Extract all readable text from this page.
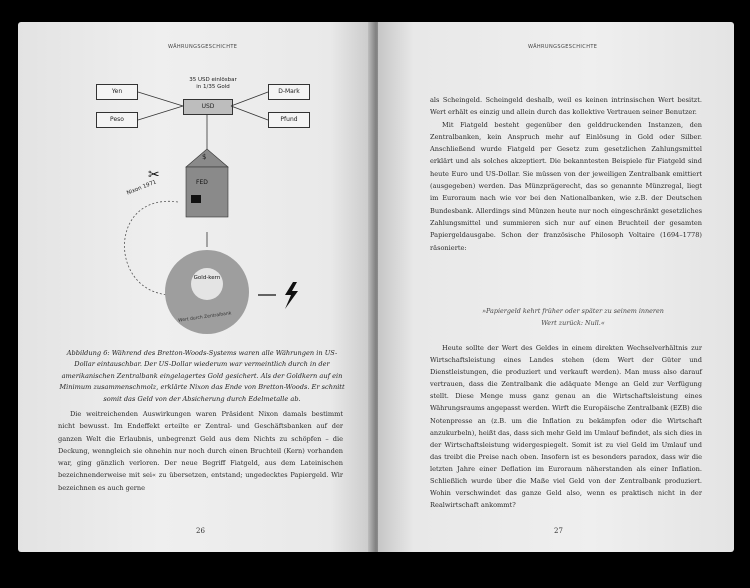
WÄHRUNGSGESCHICHTE
35 USD einlösbar
in 1/35 Gold
USD
Yen
Peso
D-Mark
Pfund
$
FED
✂
Nixon 1971
Gold-kern
Wert durch Zentralbank
Abbildung 6: Während des Bretton-Woods-Systems waren alle Währungen in US-Dollar eintauschbar. Der US-Dollar wiederum war vermeintlich durch in der amerikanischen Zentralbank eingelagertes Gold gesichert. Als der Goldkern auf ein Minimum zusammenschmolz, erklärte Nixon das Ende von Bretton-Woods. Er schnitt somit das Geld von der Absicherung durch Edelmetalle ab.

Die weitreichenden Auswirkungen waren Präsident Nixon damals bestimmt nicht bewusst. Im Endeffekt erteilte er Zentral- und Geschäftsbanken auf der ganzen Welt die Erlaubnis, unbegrenzt Geld aus dem Nichts zu schöpfen – die Deckung, wenngleich sie ohnehin nur noch durch einen Bruchteil (Kern) vorhanden war, ging gänzlich verloren. Der neue Begriff Fiatgeld, aus dem Lateinischen bezeichnenderweise mit sei« zu übersetzen, entstand; ungedecktes Papiergeld. Wir bezeichnen es auch gerne

26
WÄHRUNGSGESCHICHTE

als Scheingeld. Scheingeld deshalb, weil es keinen intrinsischen Wert besitzt. Wert erhält es einzig und allein durch das kollektive Vertrauen seiner Benutzer.

Mit Fiatgeld besteht gegenüber den gelddruckenden Instanzen, den Zentralbanken, kein Anspruch mehr auf Einlösung in Gold oder Silber. Anschließend wurde Fiatgeld per Gesetz zum gesetzlichen Zahlungsmittel erklärt und als solches akzeptiert. Die bekanntesten Beispiele für Fiatgeld sind heute Euro und US-Dollar. Sie müssen von der jeweiligen Zentralbank emittiert (ausgegeben) werden. Das Münzprägerecht, das so genannte Münzregal, liegt im Euroraum nach wie vor bei den Nationalbanken, wie z.B. der Deutschen Bundesbank. Allerdings sind Münzen heute nur noch eingeschränkt gesetzliches Zahlungsmittel und summieren sich nur auf einen Bruchteil der gesamten Papiergeldausgabe. Schon der französische Philosoph Voltaire (1694–1778) räsonierte:

»Papiergeld kehrt früher oder später zu seinem inneren Wert zurück: Null.«

Heute sollte der Wert des Geldes in einem direkten Wechselverhältnis zur Wirtschaftsleistung eines Landes stehen (dem Wert der Güter und Dienstleistungen, die produziert und verkauft werden). Man muss also darauf vertrauen, dass die Zentralbank die adäquate Menge an Geld zur Verfügung stellt. Diese Menge muss ganz genau an die Wirtschaftsleistung eines Währungsraums angepasst werden. Wirft die Europäische Zentralbank (EZB) die Notenpresse an (z.B. um die Inflation zu bekämpfen oder die Wirtschaft anzukurbeln), heißt das, dass sich mehr Geld im Umlauf befindet, als sich dies in der Wirtschaftsleistung widergespiegelt. Somit ist zu viel Geld im Umlauf und das treibt die Preise nach oben. Insofern ist es besonders paradox, dass wir die letzten Jahre einer Deflation im Euroraum näherstanden als einer Inflation. Schließlich wurde über die Maße viel Geld von der Zentralbank produziert. Wohin verschwindet das ganze Geld also, wenn es praktisch nicht in der Realwirtschaft ankommt?

27
